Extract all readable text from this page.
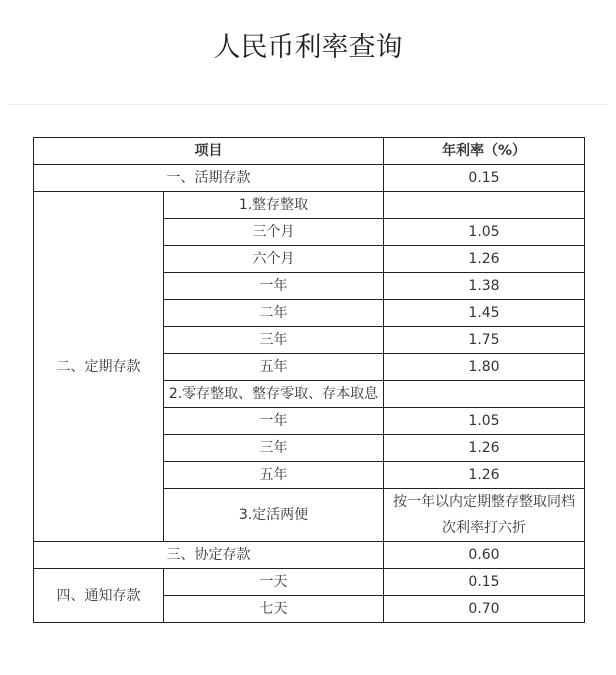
人民币利率查询
项目		年利率（%）
一、活期存款		0.15
二、定期存款	1.整存整取	
	三个月	1.05
	六个月	1.26
	一年	1.38
	二年	1.45
	三年	1.75
	五年	1.80
	2.零存整取、整存零取、存本取息	
	一年	1.05
	三年	1.26
	五年	1.26
	3.定活两便	按一年以内定期整存整取同档次利率打六折
三、协定存款		0.60
四、通知存款	一天	0.15
	七天	0.70
